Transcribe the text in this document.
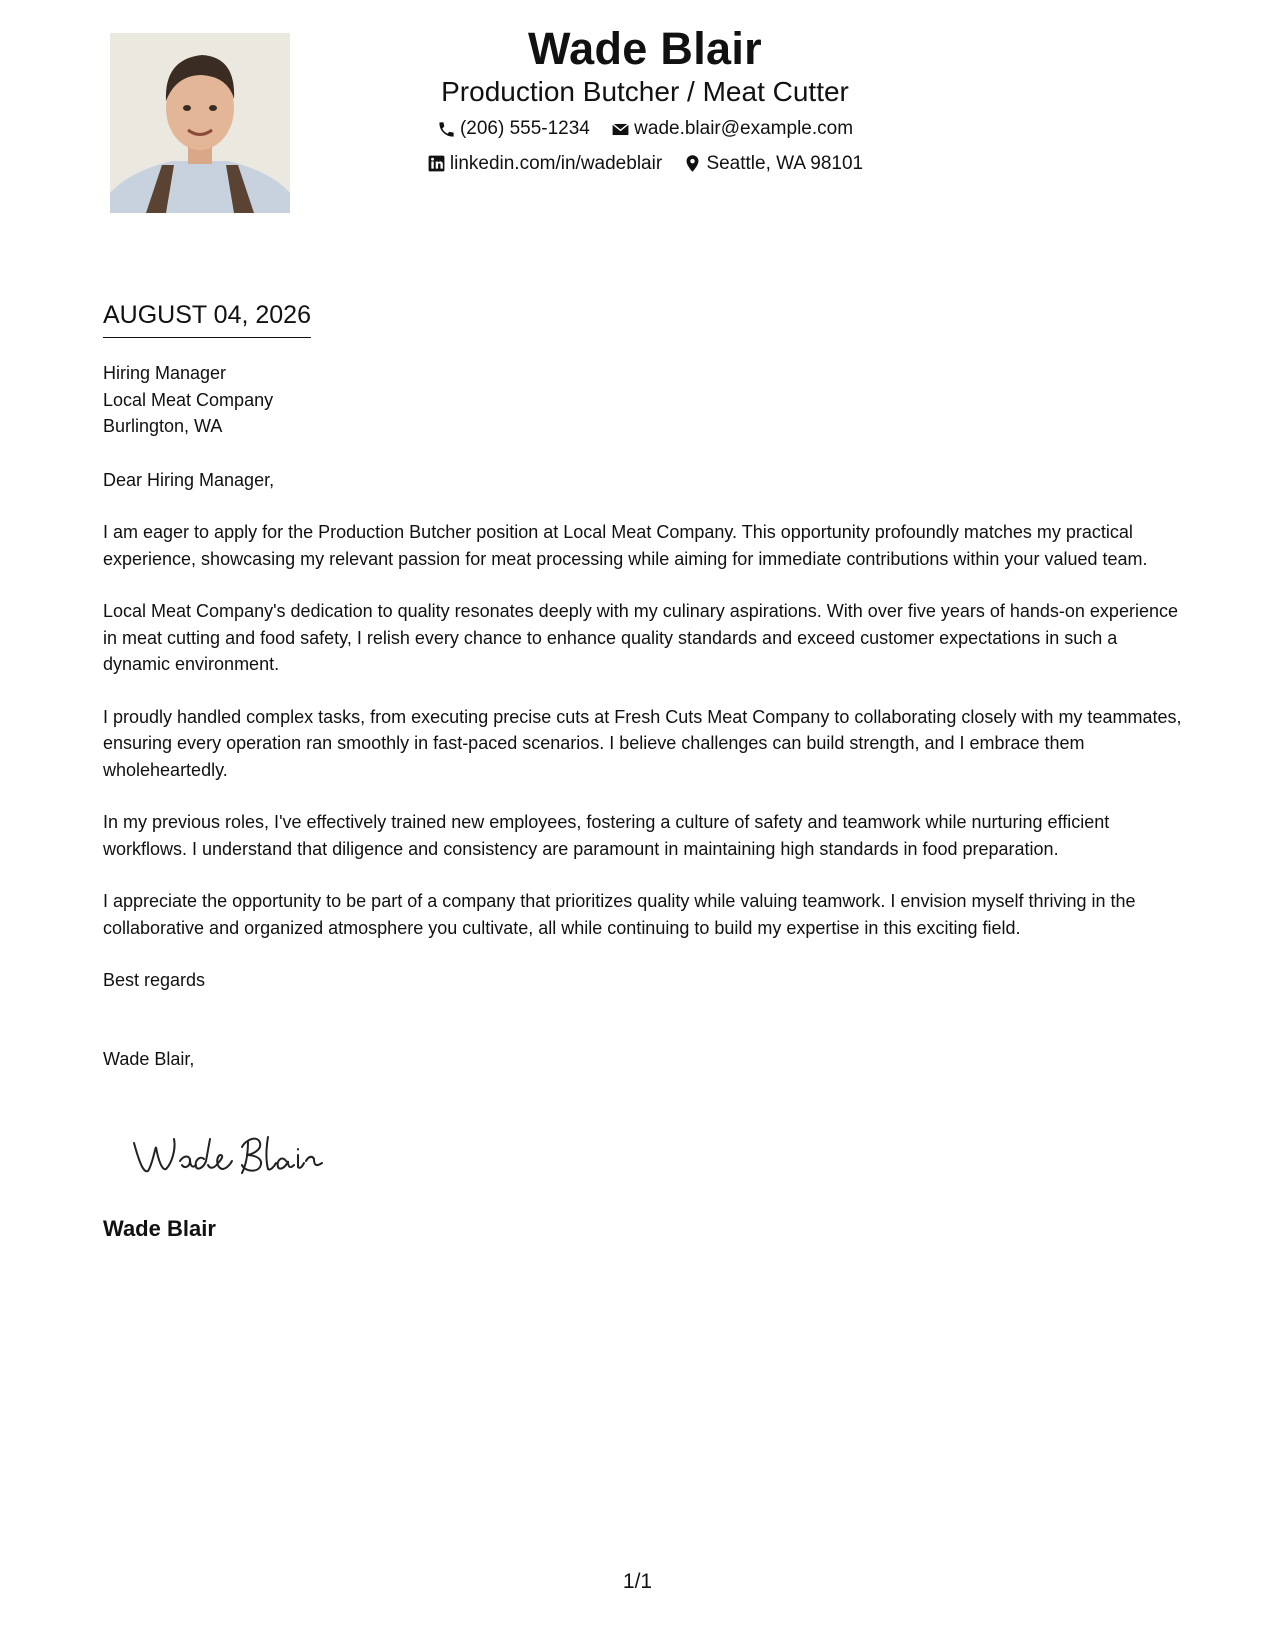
Wade Blair
Production Butcher / Meat Cutter
(206) 555-1234
wade.blair@example.com
linkedin.com/in/wadeblair
Seattle, WA 98101
AUGUST 04, 2026
Hiring Manager
Local Meat Company
Burlington, WA

Dear Hiring Manager,

I am eager to apply for the Production Butcher position at Local Meat Company. This opportunity profoundly matches my practical experience, showcasing my relevant passion for meat processing while aiming for immediate contributions within your valued team.

Local Meat Company's dedication to quality resonates deeply with my culinary aspirations. With over five years of hands-on experience in meat cutting and food safety, I relish every chance to enhance quality standards and exceed customer expectations in such a dynamic environment.

I proudly handled complex tasks, from executing precise cuts at Fresh Cuts Meat Company to collaborating closely with my teammates, ensuring every operation ran smoothly in fast-paced scenarios. I believe challenges can build strength, and I embrace them wholeheartedly.

In my previous roles, I've effectively trained new employees, fostering a culture of safety and teamwork while nurturing efficient workflows. I understand that diligence and consistency are paramount in maintaining high standards in food preparation.

I appreciate the opportunity to be part of a company that prioritizes quality while valuing teamwork. I envision myself thriving in the collaborative and organized atmosphere you cultivate, all while continuing to build my expertise in this exciting field.

Best regards

Wade Blair,

Wade Blair
1/1
